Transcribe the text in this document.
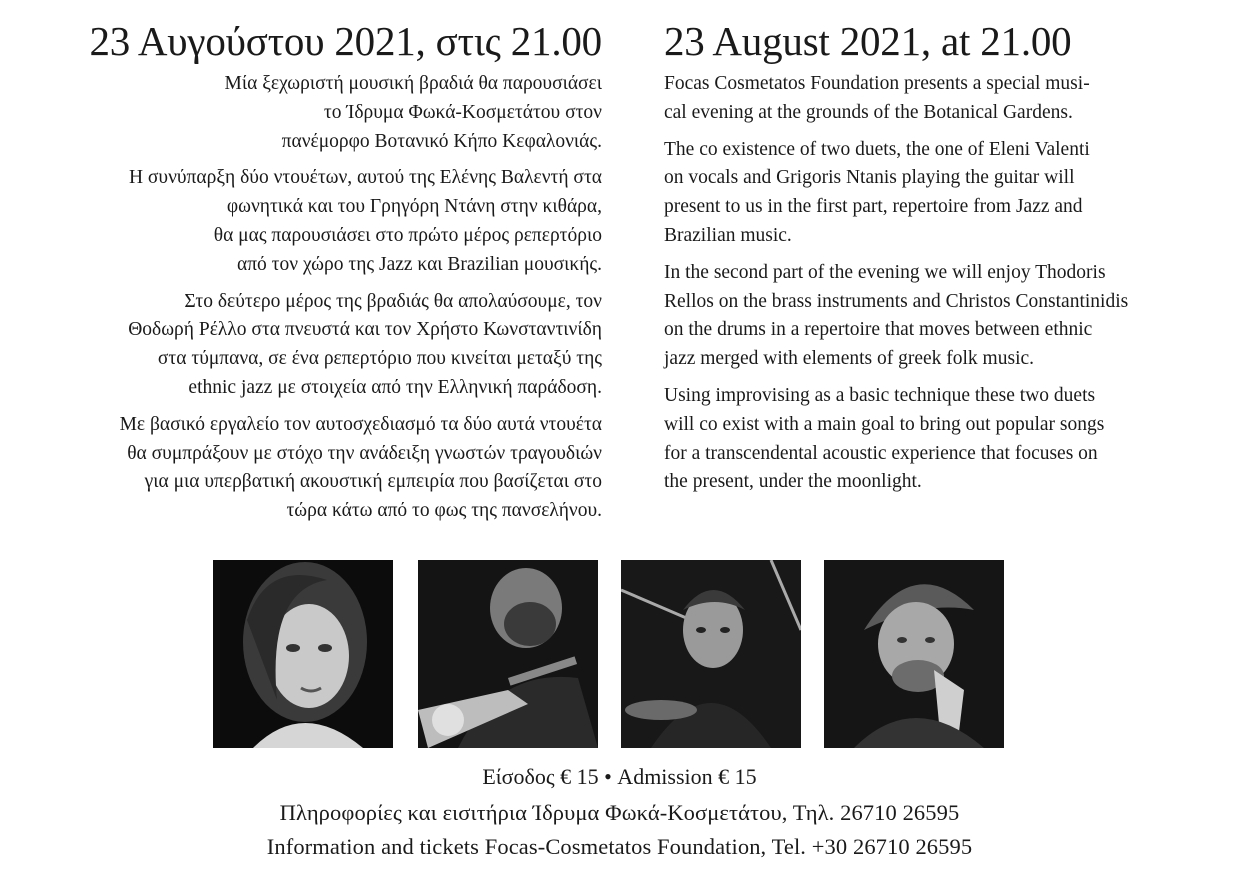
23 Αυγούστου 2021, στις 21.00

Μία ξεχωριστή μουσική βραδιά θα παρουσιάσει
το Ίδρυμα Φωκά-Κοσμετάτου στον
πανέμορφο Βοτανικό Κήπο Κεφαλονιάς.

Η συνύπαρξη δύο ντουέτων, αυτού της Ελένης Βαλεντή στα
φωνητικά και του Γρηγόρη Ντάνη στην κιθάρα,
θα μας παρουσιάσει στο πρώτο μέρος ρεπερτόριο
από τον χώρο της Jazz και Brazilian μουσικής.

Στο δεύτερο μέρος της βραδιάς θα απολαύσουμε, τον
Θοδωρή Ρέλλο στα πνευστά και τον Χρήστο Κωνσταντινίδη
στα τύμπανα, σε ένα ρεπερτόριο που κινείται μεταξύ της
ethnic jazz με στοιχεία από την Ελληνική παράδοση.

Με βασικό εργαλείο τον αυτοσχεδιασμό τα δύο αυτά ντουέτα
θα συμπράξουν με στόχο την ανάδειξη γνωστών τραγουδιών
για μια υπερβατική ακουστική εμπειρία που βασίζεται στο
τώρα κάτω από το φως της πανσελήνου.

23 August 2021, at 21.00

Focas Cosmetatos Foundation presents a special musi-
cal evening at the grounds of the Botanical Gardens.

The co existence of two duets, the one of Eleni Valenti
on vocals and Grigoris Ntanis playing the guitar will
present to us in the first part, repertoire from Jazz and
Brazilian music.

In the second part of the evening we will enjoy Thodoris
Rellos on the brass instruments and Christos Constantinidis
on the drums in a repertoire that moves between ethnic
jazz merged with elements of greek folk music.

Using improvising as a basic technique these two duets
will co exist with a main goal to bring out popular songs
for a transcendental acoustic experience that focuses on
the present, under the moonlight.

Είσοδος € 15 • Admission € 15
Πληροφορίες και εισιτήρια Ίδρυμα Φωκά-Κοσμετάτου, Τηλ. 26710 26595
Information and tickets Focas-Cosmetatos Foundation, Tel. +30 26710 26595
